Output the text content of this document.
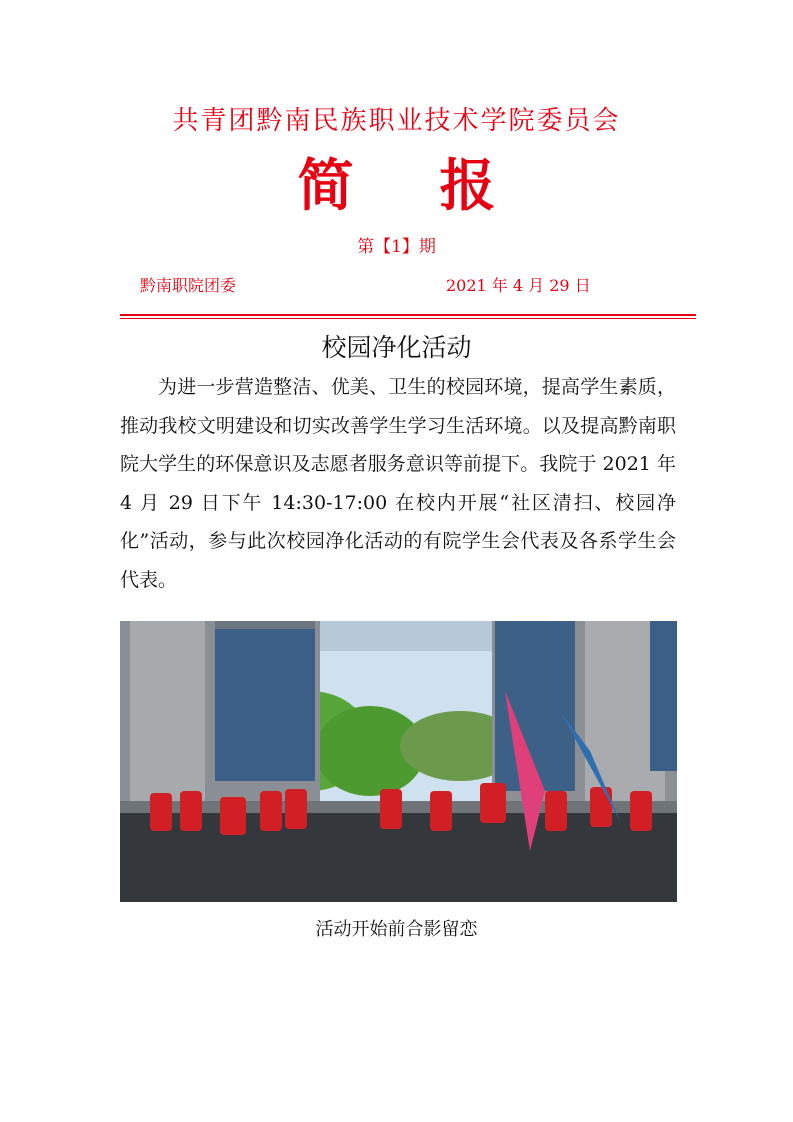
共青团黔南民族职业技术学院委员会
简报
第【1】期
黔南职院团委	2021 年 4 月 29 日
校园净化活动

为进一步营造整洁、优美、卫生的校园环境，提高学生素质，推动我校文明建设和切实改善学生学习生活环境。以及提高黔南职院大学生的环保意识及志愿者服务意识等前提下。我院于 2021 年 4 月 29 日下午 14:30-17:00 在校内开展“社区清扫、校园净化”活动，参与此次校园净化活动的有院学生会代表及各系学生会代表。

活动开始前合影留恋
